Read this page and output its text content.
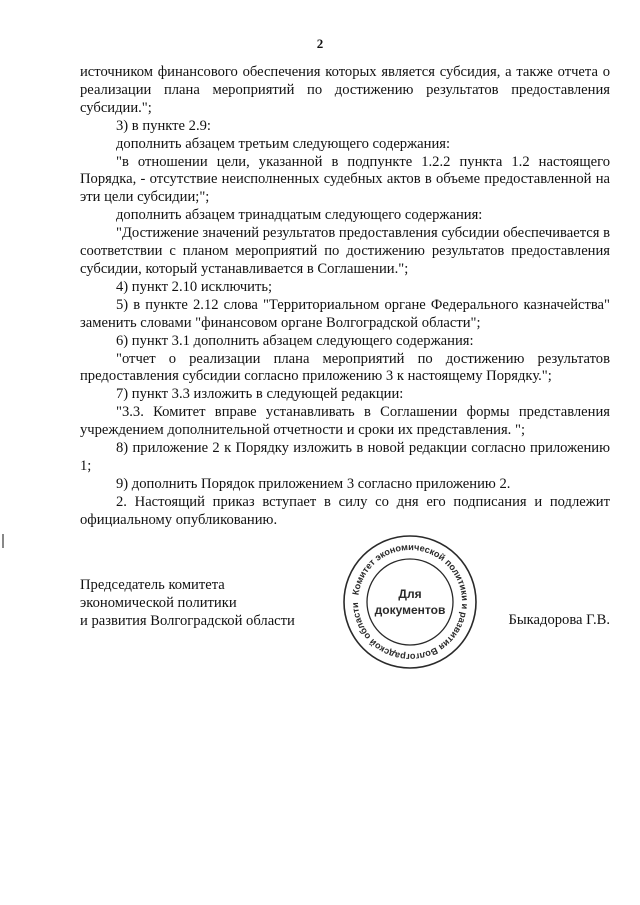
2

источником финансового обеспечения которых является субсидия, а также отчета о реализации плана мероприятий по достижению результатов предоставления субсидии.";

3) в пункте 2.9:

дополнить абзацем третьим следующего содержания:

"в отношении цели, указанной в подпункте 1.2.2 пункта 1.2 настоящего Порядка, - отсутствие неисполненных судебных актов в объеме предоставленной на эти цели субсидии;";

дополнить абзацем тринадцатым следующего содержания:

"Достижение значений результатов предоставления субсидии обеспечивается в соответствии с планом мероприятий по достижению результатов предоставления субсидии, который устанавливается в Соглашении.";

4) пункт 2.10 исключить;

5) в пункте 2.12 слова "Территориальном органе Федерального казначейства" заменить словами "финансовом органе Волгоградской области";

6) пункт 3.1 дополнить абзацем следующего содержания:

"отчет о реализации плана мероприятий по достижению результатов предоставления субсидии согласно приложению 3 к настоящему Порядку.";

7) пункт 3.3 изложить в следующей редакции:

"3.3. Комитет вправе устанавливать в Соглашении формы представления учреждением дополнительной отчетности и сроки их представления. ";

8) приложение 2 к Порядку изложить в новой редакции согласно приложению 1;

9) дополнить Порядок приложением 3 согласно приложению 2.

2. Настоящий приказ вступает в силу со дня его подписания и подлежит официальному опубликованию.

Председатель комитета
экономической политики
и развития Волгоградской области
Комитет экономической политики и развития Волгоградской области
Для
документов
Быкадорова Г.В.
